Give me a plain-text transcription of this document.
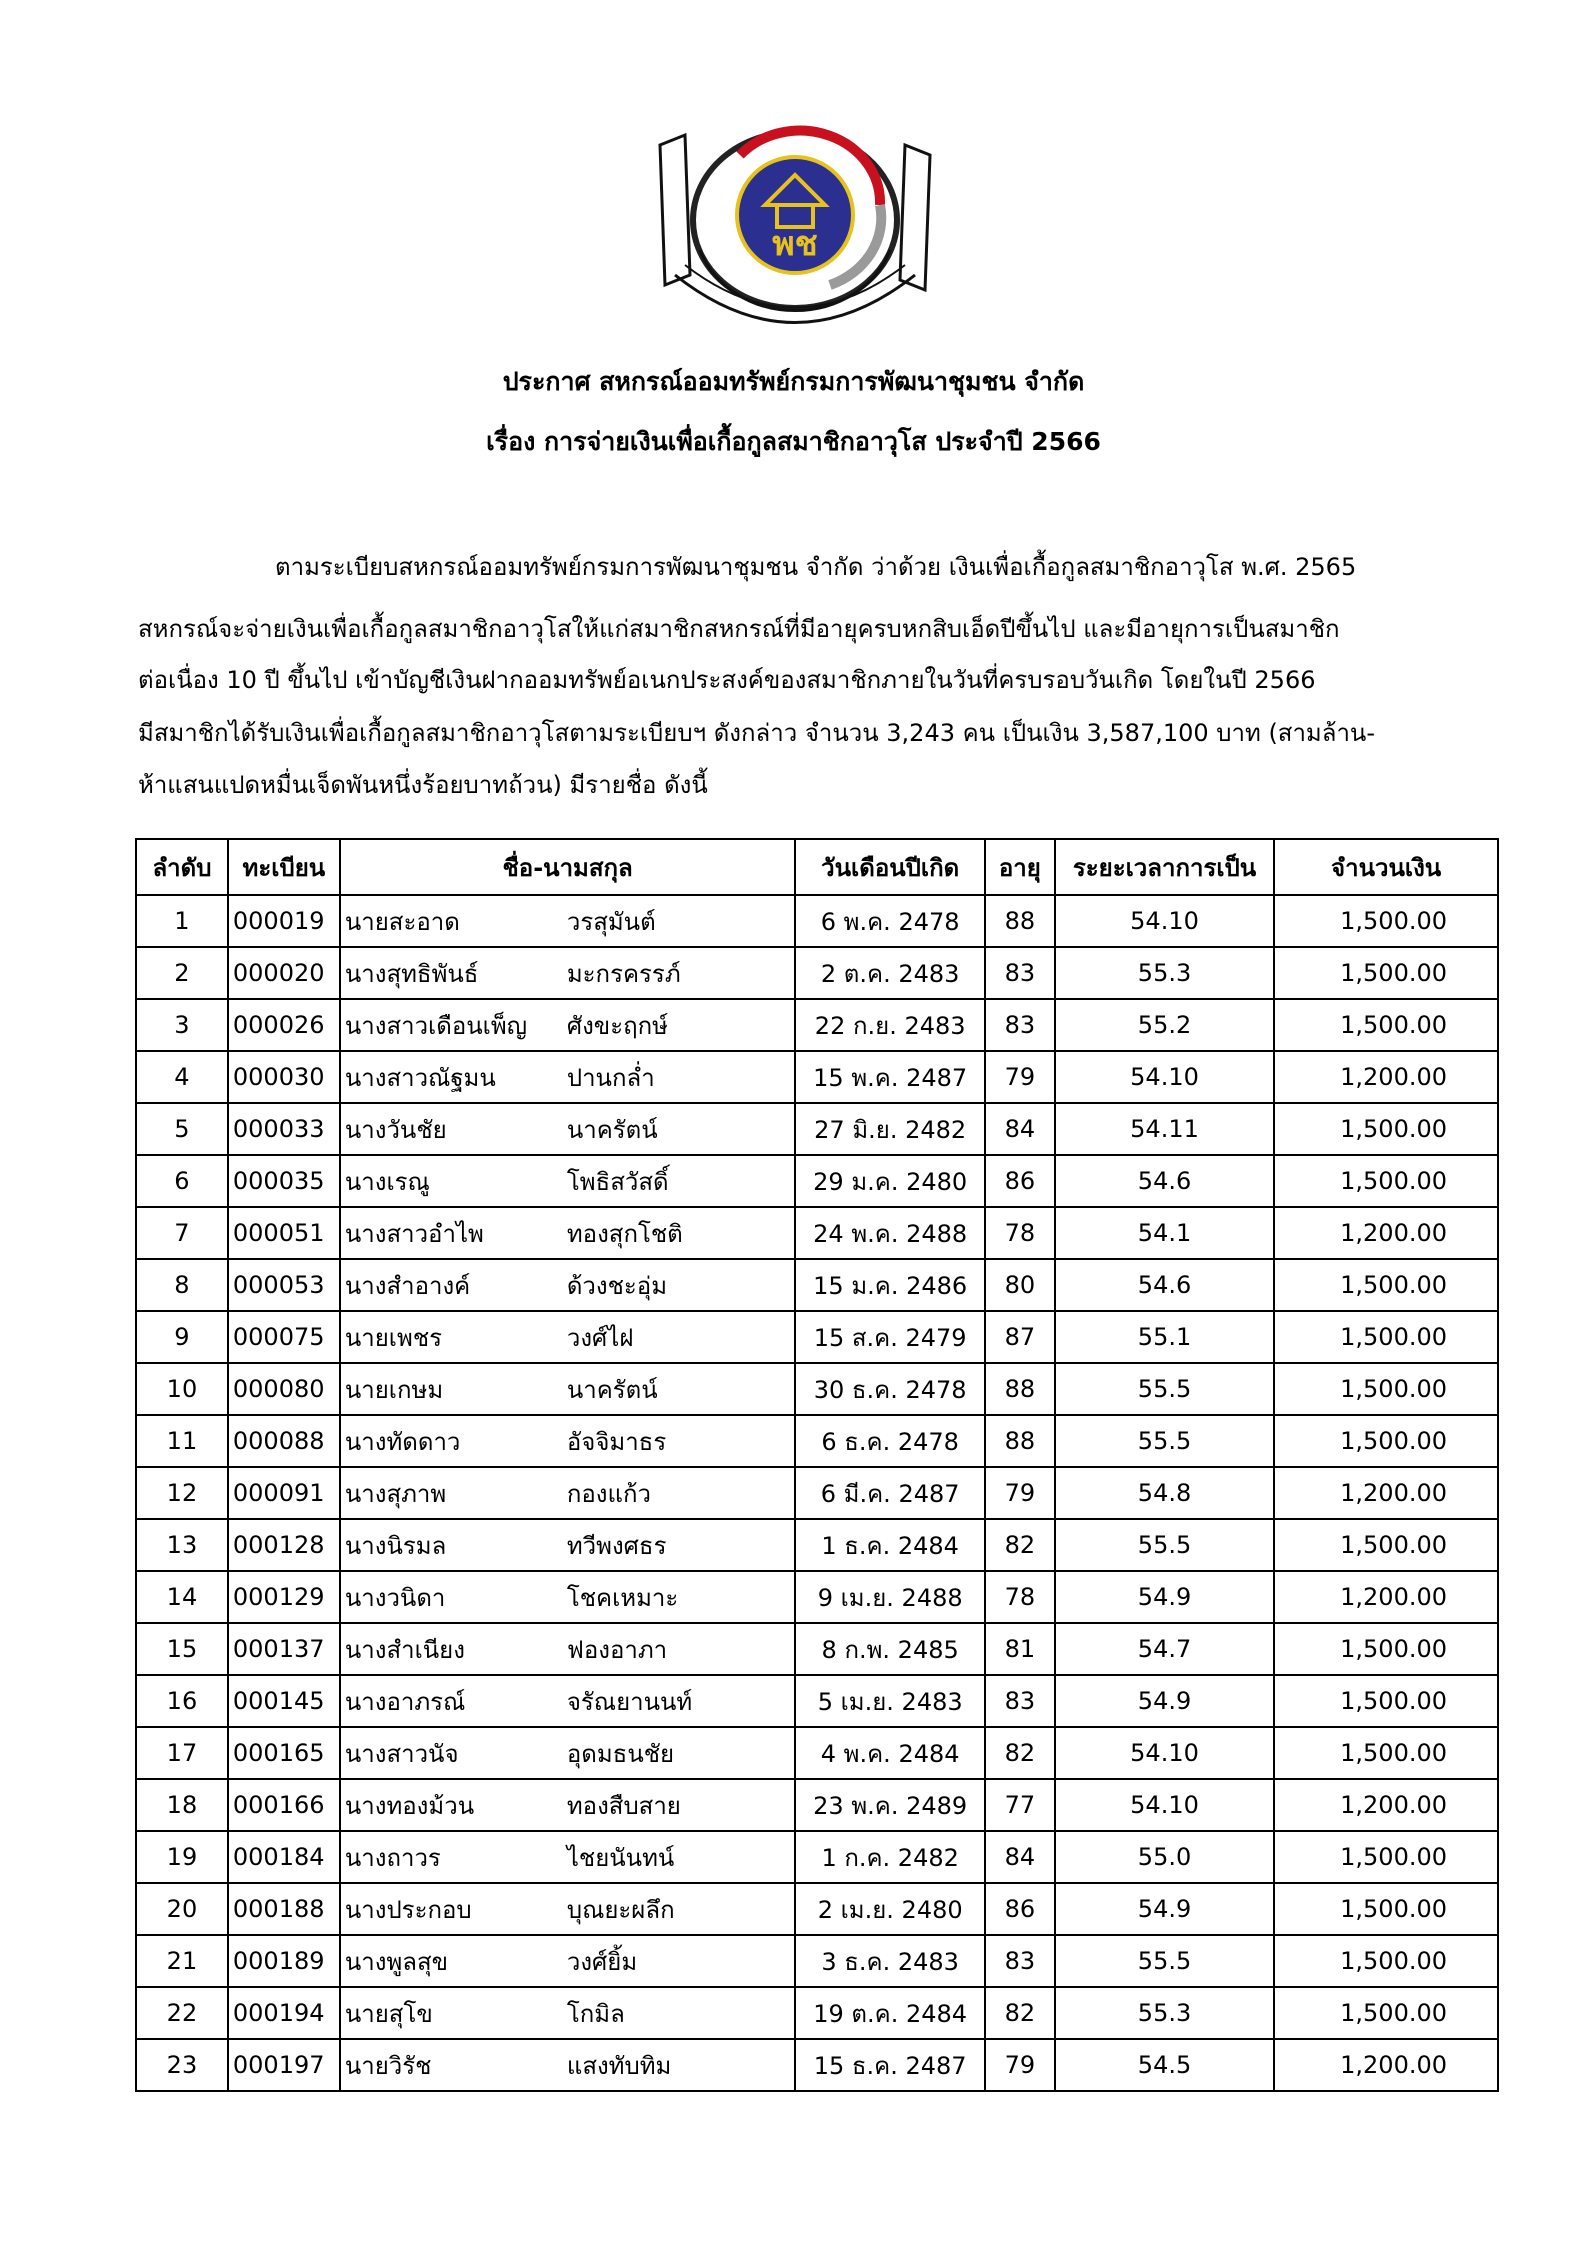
พช
ประกาศ สหกรณ์ออมทรัพย์กรมการพัฒนาชุมชน จำกัด
เรื่อง การจ่ายเงินเพื่อเกื้อกูลสมาชิกอาวุโส ประจำปี 2566
ตามระเบียบสหกรณ์ออมทรัพย์กรมการพัฒนาชุมชน จำกัด ว่าด้วย เงินเพื่อเกื้อกูลสมาชิกอาวุโส พ.ศ. 2565
สหกรณ์จะจ่ายเงินเพื่อเกื้อกูลสมาชิกอาวุโสให้แก่สมาชิกสหกรณ์ที่มีอายุครบหกสิบเอ็ดปีขึ้นไป และมีอายุการเป็นสมาชิก
ต่อเนื่อง 10 ปี ขึ้นไป เข้าบัญชีเงินฝากออมทรัพย์อเนกประสงค์ของสมาชิกภายในวันที่ครบรอบวันเกิด โดยในปี 2566
มีสมาชิกได้รับเงินเพื่อเกื้อกูลสมาชิกอาวุโสตามระเบียบฯ ดังกล่าว จำนวน 3,243 คน เป็นเงิน 3,587,100 บาท (สามล้าน-
ห้าแสนแปดหมื่นเจ็ดพันหนึ่งร้อยบาทถ้วน) มีรายชื่อ ดังนี้
ลำดับ	ทะเบียน	ชื่อ-นามสกุล	วันเดือนปีเกิด	อายุ	ระยะเวลาการเป็น	จำนวนเงิน
1	000019	นายสะอาด วรสุมันต์	6 พ.ค. 2478	88	54.10	1,500.00
2	000020	นางสุทธิพันธ์ มะกรครรภ์	2 ต.ค. 2483	83	55.3	1,500.00
3	000026	นางสาวเดือนเพ็ญ ศังขะฤกษ์	22 ก.ย. 2483	83	55.2	1,500.00
4	000030	นางสาวณัฐมน ปานกล่ำ	15 พ.ค. 2487	79	54.10	1,200.00
5	000033	นางวันชัย นาครัตน์	27 มิ.ย. 2482	84	54.11	1,500.00
6	000035	นางเรณู โพธิสวัสดิ์	29 ม.ค. 2480	86	54.6	1,500.00
7	000051	นางสาวอำไพ ทองสุกโชติ	24 พ.ค. 2488	78	54.1	1,200.00
8	000053	นางสำอางค์ ด้วงชะอุ่ม	15 ม.ค. 2486	80	54.6	1,500.00
9	000075	นายเพชร วงศ์ไฝ	15 ส.ค. 2479	87	55.1	1,500.00
10	000080	นายเกษม นาครัตน์	30 ธ.ค. 2478	88	55.5	1,500.00
11	000088	นางทัดดาว อัจจิมาธร	6 ธ.ค. 2478	88	55.5	1,500.00
12	000091	นางสุภาพ กองแก้ว	6 มี.ค. 2487	79	54.8	1,200.00
13	000128	นางนิรมล ทวีพงศธร	1 ธ.ค. 2484	82	55.5	1,500.00
14	000129	นางวนิดา โชคเหมาะ	9 เม.ย. 2488	78	54.9	1,200.00
15	000137	นางสำเนียง ฟองอาภา	8 ก.พ. 2485	81	54.7	1,500.00
16	000145	นางอาภรณ์ จรัณยานนท์	5 เม.ย. 2483	83	54.9	1,500.00
17	000165	นางสาวนัจ อุดมธนชัย	4 พ.ค. 2484	82	54.10	1,500.00
18	000166	นางทองม้วน ทองสืบสาย	23 พ.ค. 2489	77	54.10	1,200.00
19	000184	นางถาวร ไชยนันทน์	1 ก.ค. 2482	84	55.0	1,500.00
20	000188	นางประกอบ บุณยะผลึก	2 เม.ย. 2480	86	54.9	1,500.00
21	000189	นางพูลสุข วงศ์ยิ้ม	3 ธ.ค. 2483	83	55.5	1,500.00
22	000194	นายสุโข โกมิล	19 ต.ค. 2484	82	55.3	1,500.00
23	000197	นายวิรัช แสงทับทิม	15 ธ.ค. 2487	79	54.5	1,200.00
